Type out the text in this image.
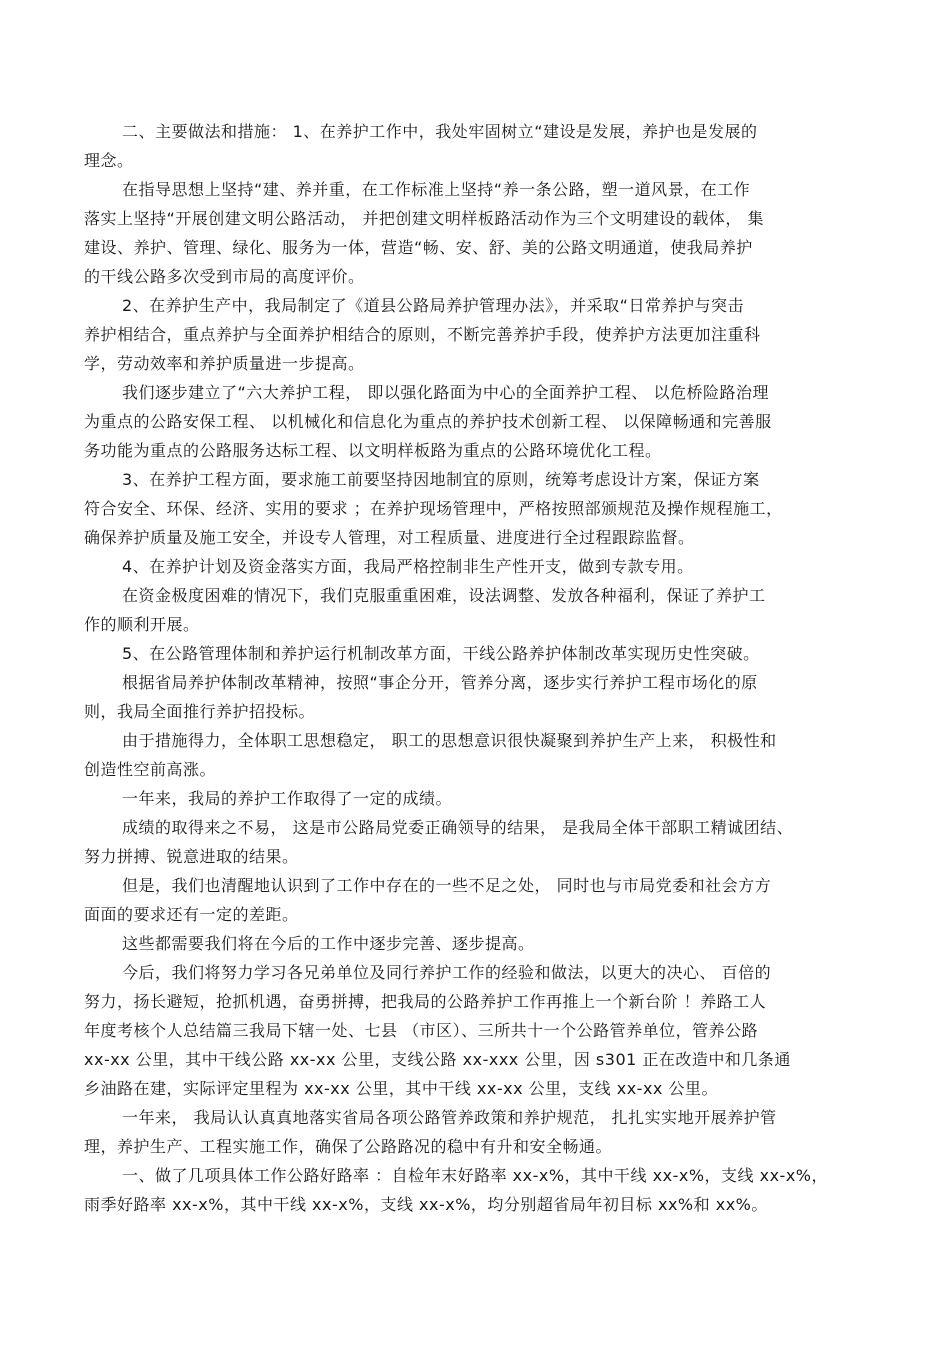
二、主要做法和措施： 1、在养护工作中，我处牢固树立“建设是发展，养护也是发展的
理念。
在指导思想上坚持“建、养并重，在工作标准上坚持“养一条公路，塑一道风景，在工作
落实上坚持“开展创建文明公路活动， 并把创建文明样板路活动作为三个文明建设的载体， 集
建设、养护、管理、绿化、服务为一体，营造“畅、安、舒、美的公路文明通道，使我局养护
的干线公路多次受到市局的高度评价。
2、在养护生产中，我局制定了《道县公路局养护管理办法》，并采取“日常养护与突击
养护相结合，重点养护与全面养护相结合的原则，不断完善养护手段，使养护方法更加注重科
学，劳动效率和养护质量进一步提高。
我们逐步建立了“六大养护工程， 即以强化路面为中心的全面养护工程、 以危桥险路治理
为重点的公路安保工程、 以机械化和信息化为重点的养护技术创新工程、 以保障畅通和完善服
务功能为重点的公路服务达标工程、以文明样板路为重点的公路环境优化工程。
3、在养护工程方面，要求施工前要坚持因地制宜的原则，统筹考虑设计方案，保证方案
符合安全、环保、经济、实用的要求 ；在养护现场管理中，严格按照部颁规范及操作规程施工，
确保养护质量及施工安全，并设专人管理，对工程质量、进度进行全过程跟踪监督。
4、在养护计划及资金落实方面，我局严格控制非生产性开支，做到专款专用。
在资金极度困难的情况下，我们克服重重困难，设法调整、发放各种福利，保证了养护工
作的顺利开展。
5、在公路管理体制和养护运行机制改革方面，干线公路养护体制改革实现历史性突破。
根据省局养护体制改革精神，按照“事企分开，管养分离，逐步实行养护工程市场化的原
则，我局全面推行养护招投标。
由于措施得力，全体职工思想稳定， 职工的思想意识很快凝聚到养护生产上来， 积极性和
创造性空前高涨。
一年来，我局的养护工作取得了一定的成绩。
成绩的取得来之不易， 这是市公路局党委正确领导的结果， 是我局全体干部职工精诚团结、
努力拼搏、锐意进取的结果。
但是，我们也清醒地认识到了工作中存在的一些不足之处， 同时也与市局党委和社会方方
面面的要求还有一定的差距。
这些都需要我们将在今后的工作中逐步完善、逐步提高。
今后，我们将努力学习各兄弟单位及同行养护工作的经验和做法，以更大的决心、 百倍的
努力，扬长避短，抢抓机遇，奋勇拼搏，把我局的公路养护工作再推上一个新台阶 ！养路工人
年度考核个人总结篇三我局下辖一处、七县 （市区）、三所共十一个公路管养单位，管养公路
xx-xx 公里，其中干线公路 xx-xx 公里，支线公路 xx-xxx 公里，因 s301 正在改造中和几条通
乡油路在建，实际评定里程为 xx-xx 公里，其中干线 xx-xx 公里，支线 xx-xx 公里。
一年来， 我局认认真真地落实省局各项公路管养政策和养护规范， 扎扎实实地开展养护管
理，养护生产、工程实施工作，确保了公路路况的稳中有升和安全畅通。
一、做了几项具体工作公路好路率 ：自检年末好路率 xx-x%，其中干线 xx-x%，支线 xx-x%，
雨季好路率 xx-x%，其中干线 xx-x%，支线 xx-x%，均分别超省局年初目标 xx%和 xx%。
